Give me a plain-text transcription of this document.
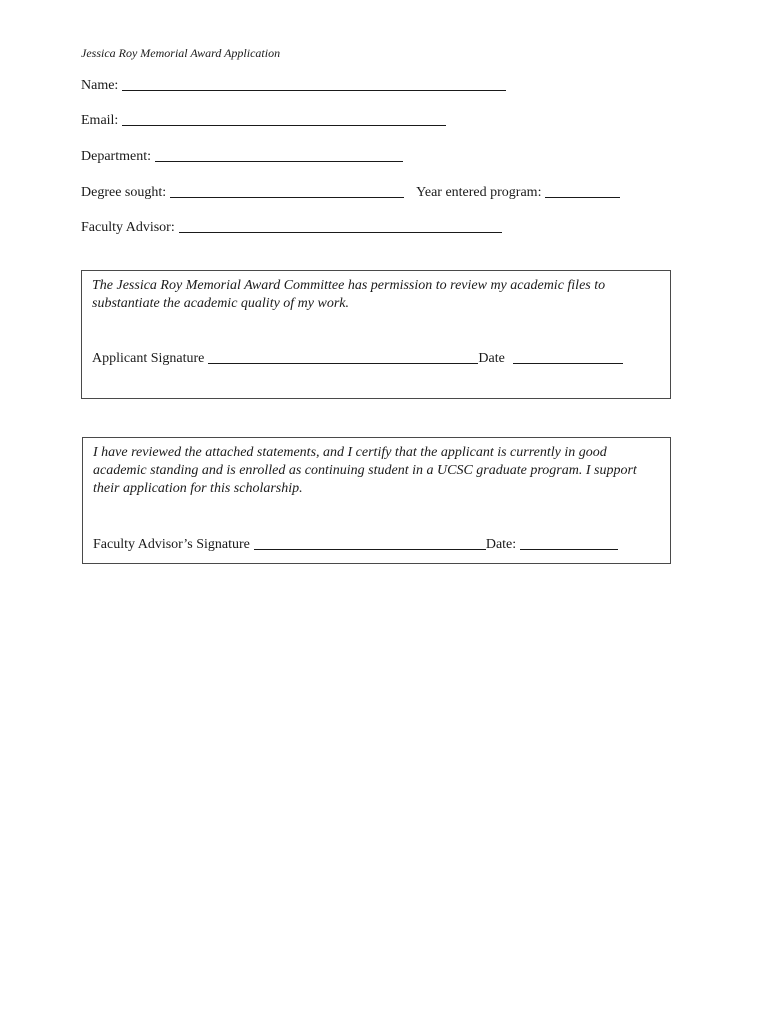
Jessica Roy Memorial Award Application
Name:
Email:
Department:
Degree sought:	Year entered program:
Faculty Advisor:
The Jessica Roy Memorial Award Committee has permission to review my academic files to substantiate the academic quality of my work.
Applicant Signature	Date
I have reviewed the attached statements, and I certify that the applicant is currently in good academic standing and is enrolled as continuing student in a UCSC graduate program. I support their application for this scholarship.
Faculty Advisor’s Signature	Date:
